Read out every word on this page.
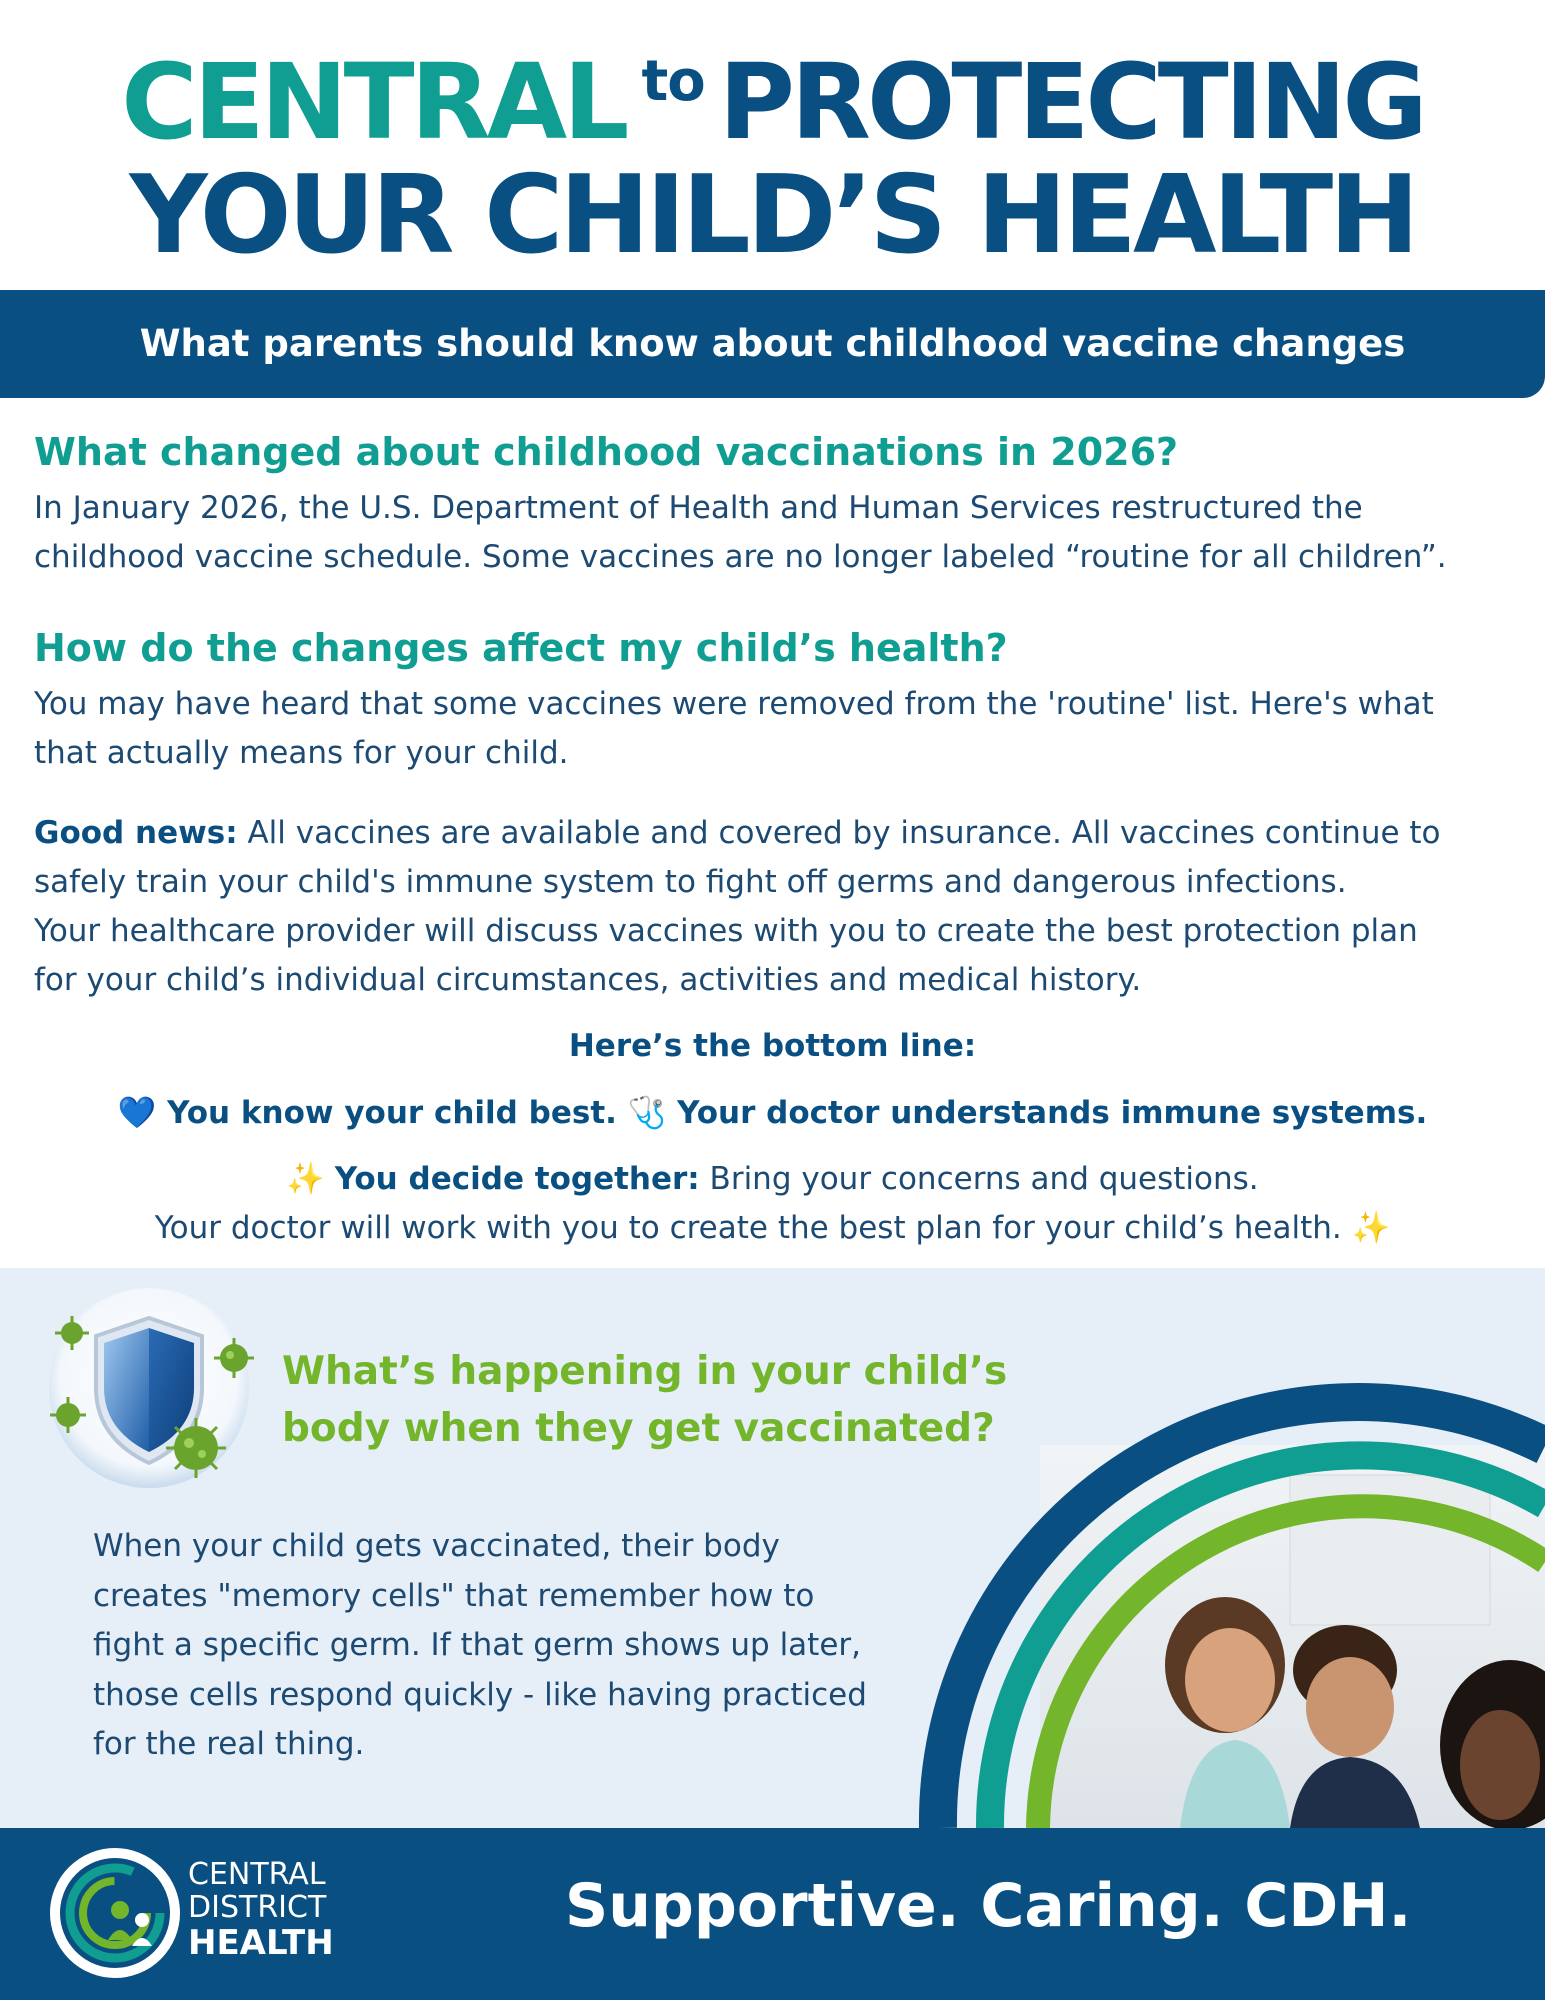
CENTRAL to PROTECTING
YOUR CHILD’S HEALTH
What parents should know about childhood vaccine changes
What changed about childhood vaccinations in 2026?
In January 2026, the U.S. Department of Health and Human Services restructured the
childhood vaccine schedule. Some vaccines are no longer labeled “routine for all children”.
How do the changes affect my child’s health?
You may have heard that some vaccines were removed from the 'routine' list. Here's what
that actually means for your child.
Good news: All vaccines are available and covered by insurance. All vaccines continue to
safely train your child's immune system to fight off germs and dangerous infections.
Your healthcare provider will discuss vaccines with you to create the best protection plan
for your child’s individual circumstances, activities and medical history.
Here’s the bottom line:
💙 You know your child best. 🩺 Your doctor understands immune systems.
✨ You decide together: Bring your concerns and questions.
Your doctor will work with you to create the best plan for your child’s health. ✨
What’s happening in your child’s
body when they get vaccinated?
When your child gets vaccinated, their body
creates "memory cells" that remember how to
fight a specific germ. If that germ shows up later,
those cells respond quickly - like having practiced
for the real thing.
CENTRAL
DISTRICT
HEALTH
Supportive. Caring. CDH.
